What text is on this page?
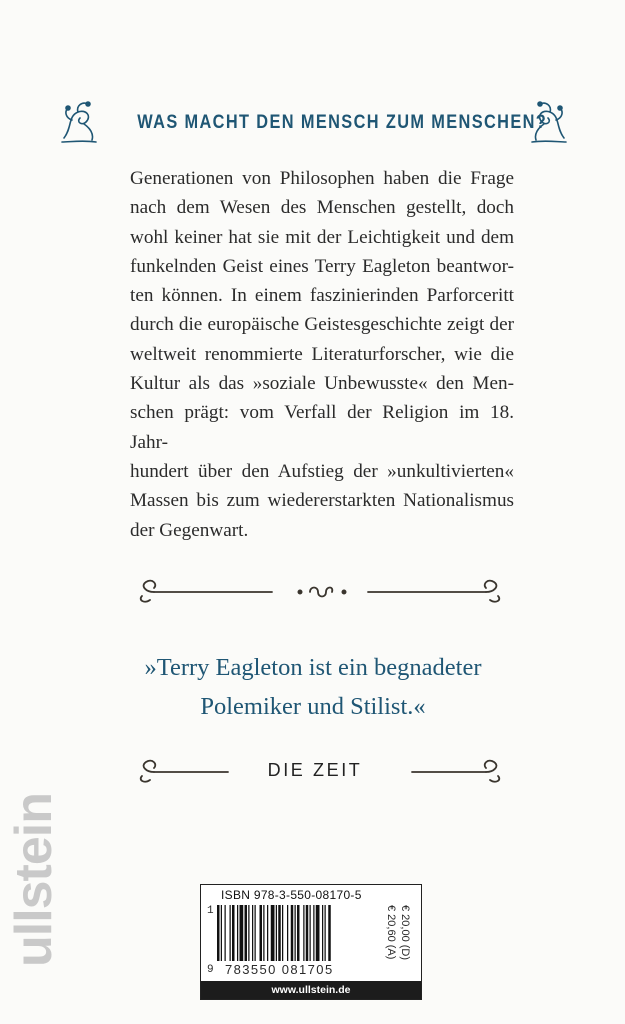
WAS MACHT DEN MENSCH ZUM MENSCHEN?
Generationen von Philosophen haben die Frage
nach dem Wesen des Menschen gestellt, doch
wohl keiner hat sie mit der Leichtigkeit und dem
funkelnden Geist eines Terry Eagleton beantwor-
ten können. In einem faszinierinden Parforceritt
durch die europäische Geistesgeschichte zeigt der
weltweit renommierte Literaturforscher, wie die
Kultur als das »soziale Unbewusste« den Men-
schen prägt: vom Verfall der Religion im 18. Jahr-
hundert über den Aufstieg der »unkultivierten«
Massen bis zum wiedererstarkten Nationalismus
der Gegenwart.
»Terry Eagleton ist ein begnadeter
Polemiker und Stilist.«
DIE ZEIT
ullstein	ISBN 978-3-550-08170-5
1
9 783550 081705
€ 20,00 (D)
€ 20,60 (A)
www.ullstein.de
